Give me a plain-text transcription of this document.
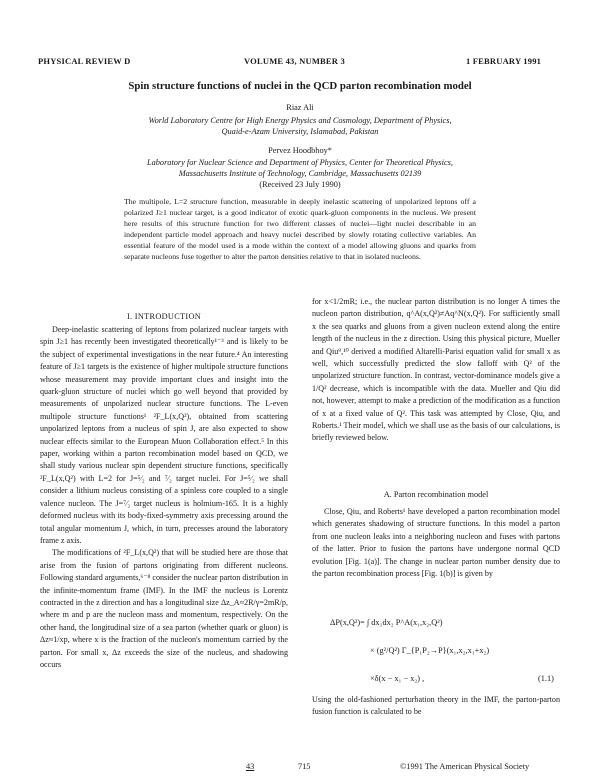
PHYSICAL REVIEW D	VOLUME 43, NUMBER 3	1 FEBRUARY 1991
Spin structure functions of nuclei in the QCD parton recombination model
Riaz Ali
World Laboratory Centre for High Energy Physics and Cosmology, Department of Physics,
Quaid-e-Azam University, Islamabad, Pakistan
Pervez Hoodbhoy*
Laboratory for Nuclear Science and Department of Physics, Center for Theoretical Physics,
Massachusetts Institute of Technology, Cambridge, Massachusetts 02139
(Received 23 July 1990)
The multipole, L=2 structure function, measurable in deeply inelastic scattering of unpolarized leptons off a polarized J≥1 nuclear target, is a good indicator of exotic quark-gluon components in the nucleus. We present here results of this structure function for two different classes of nuclei—light nuclei describable in an independent particle model approach and heavy nuclei described by slowly rotating collective variables. An essential feature of the model used is a mode within the context of a model allowing gluons and quarks from separate nucleons fuse together to alter the parton densities relative to that in isolated nucleons.
I. INTRODUCTION

Deep-inelastic scattering of leptons from polarized nuclear targets with spin J≥1 has recently been investigated theoretically¹⁻³ and is likely to be the subject of experimental investigations in the near future.⁴ An interesting feature of J≥1 targets is the existence of higher multipole structure functions whose measurement may provide important clues and insight into the quark-gluon structure of nuclei which go well beyond that provided by measurements of unpolarized nuclear structure functions. The L-even multipole structure functions¹ ²F_L(x,Q²), obtained from scattering unpolarized leptons from a nucleus of spin J, are also expected to show nuclear effects similar to the European Muon Collaboration effect.⁵ In this paper, working within a parton recombination model based on QCD, we shall study various nuclear spin dependent structure functions, specifically ²F_L(x,Q²) with L=2 for J=⁵⁄₂ and ⁷⁄₂ target nuclei. For J=⁵⁄₂ we shall consider a lithium nucleus consisting of a spinless core coupled to a single valence nucleon. The J=⁷⁄₂ target nucleus is holmium-165. It is a highly deformed nucleus with its body-fixed-symmetry axis precessing around the total angular momentum J, which, in turn, precesses around the laboratory frame z axis.

The modifications of ²F_L(x,Q²) that will be studied here are those that arise from the fusion of partons originating from different nucleons. Following standard arguments,⁶⁻⁸ consider the nuclear parton distribution in the infinite-momentum frame (IMF). In the IMF the nucleus is Lorentz contracted in the z direction and has a longitudinal size Δz_A≈2R/γ=2mR/p, where m and p are the nucleon mass and momentum, respectively. On the other hand, the longitudinal size of a sea parton (whether quark or gluon) is Δz≈1/xp, where x is the fraction of the nucleon's momentum carried by the parton. For small x, Δz exceeds the size of the nucleus, and shadowing occurs

for x<1/2mR; i.e., the nuclear parton distribution is no longer A times the nucleon parton distribution, q^A(x,Q²)≠Aq^N(x,Q²). For sufficiently small x the sea quarks and gluons from a given nucleon extend along the entire length of the nucleus in the z direction. Using this physical picture, Mueller and Qiu⁹,¹⁰ derived a modified Altarelli-Parisi equation valid for small x as well, which successfully predicted the slow falloff with Q² of the unpolarized structure function. In contrast, vector-dominance models give a 1/Q² decrease, which is incompatible with the data. Mueller and Qiu did not, however, attempt to make a prediction of the modification as a function of x at a fixed value of Q². This task was attempted by Close, Qiu, and Roberts.¹ Their model, which we shall use as the basis of our calculations, is briefly reviewed below.

A. Parton recombination model

Close, Qiu, and Roberts¹ have developed a parton recombination model which generates shadowing of structure functions. In this model a parton from one nucleon leaks into a neighboring nucleon and fuses with partons of the latter. Prior to fusion the partons have undergone normal QCD evolution [Fig. 1(a)]. The change in nuclear parton number density due to the parton recombination process [Fig. 1(b)] is given by

ΔP(x,Q²)= ∫ dx₁dx₂ P^A(x₁,x₂,Q²)
× (g²/Q²) Γ_{P₁P₂→P}(x₁,x₂,x₁+x₂)
×δ(x − x₁ − x₂) ,	(1.1)

Using the old-fashioned perturbation theory in the IMF, the parton-parton fusion function is calculated to be

43	715	©1991 The American Physical Society
